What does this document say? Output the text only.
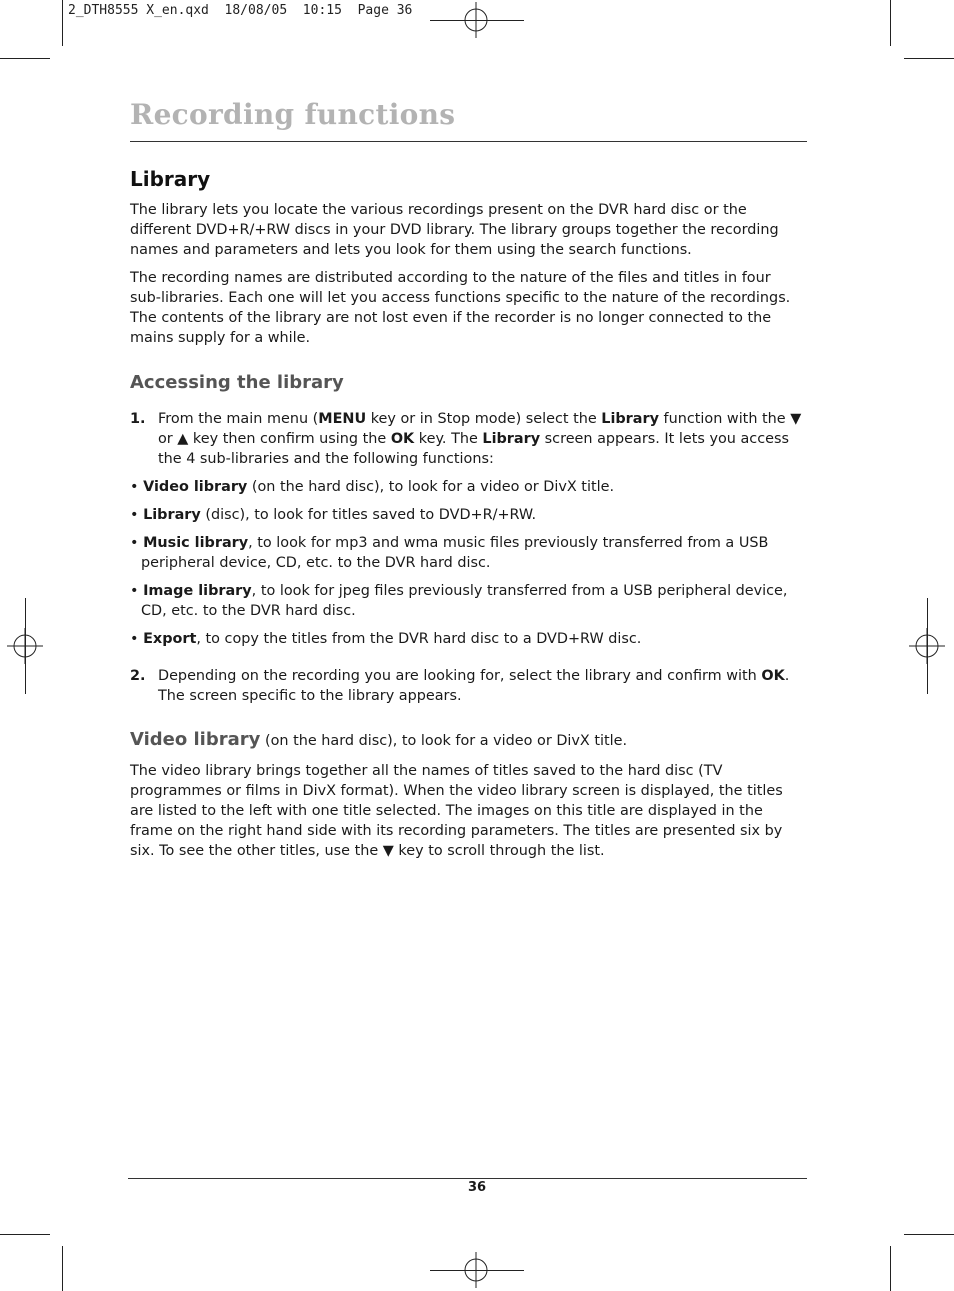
2_DTH8555 X_en.qxd  18/08/05  10:15  Page 36
Recording functions
Library

The library lets you locate the various recordings present on the DVR hard disc or the different DVD+R/+RW discs in your DVD library. The library groups together the recording names and parameters and lets you look for them using the search functions.

The recording names are distributed according to the nature of the files and titles in four sub-libraries. Each one will let you access functions specific to the nature of the recordings. The contents of the library are not lost even if the recorder is no longer connected to the mains supply for a while.

Accessing the library
1. From the main menu (MENU key or in Stop mode) select the Library function with the ▼ or ▲ key then confirm using the OK key. The Library screen appears. It lets you access the 4 sub-libraries and the following functions:
• Video library (on the hard disc), to look for a video or DivX title.
• Library (disc), to look for titles saved to DVD+R/+RW.
• Music library, to look for mp3 and wma music files previously transferred from a USB peripheral device, CD, etc. to the DVR hard disc.
• Image library, to look for jpeg files previously transferred from a USB peripheral device, CD, etc. to the DVR hard disc.
• Export, to copy the titles from the DVR hard disc to a DVD+RW disc.
2. Depending on the recording you are looking for, select the library and confirm with OK. The screen specific to the library appears.
Video library (on the hard disc), to look for a video or DivX title.

The video library brings together all the names of titles saved to the hard disc (TV programmes or films in DivX format). When the video library screen is displayed, the titles are listed to the left with one title selected. The images on this title are displayed in the frame on the right hand side with its recording parameters. The titles are presented six by six. To see the other titles, use the ▼ key to scroll through the list.

36
